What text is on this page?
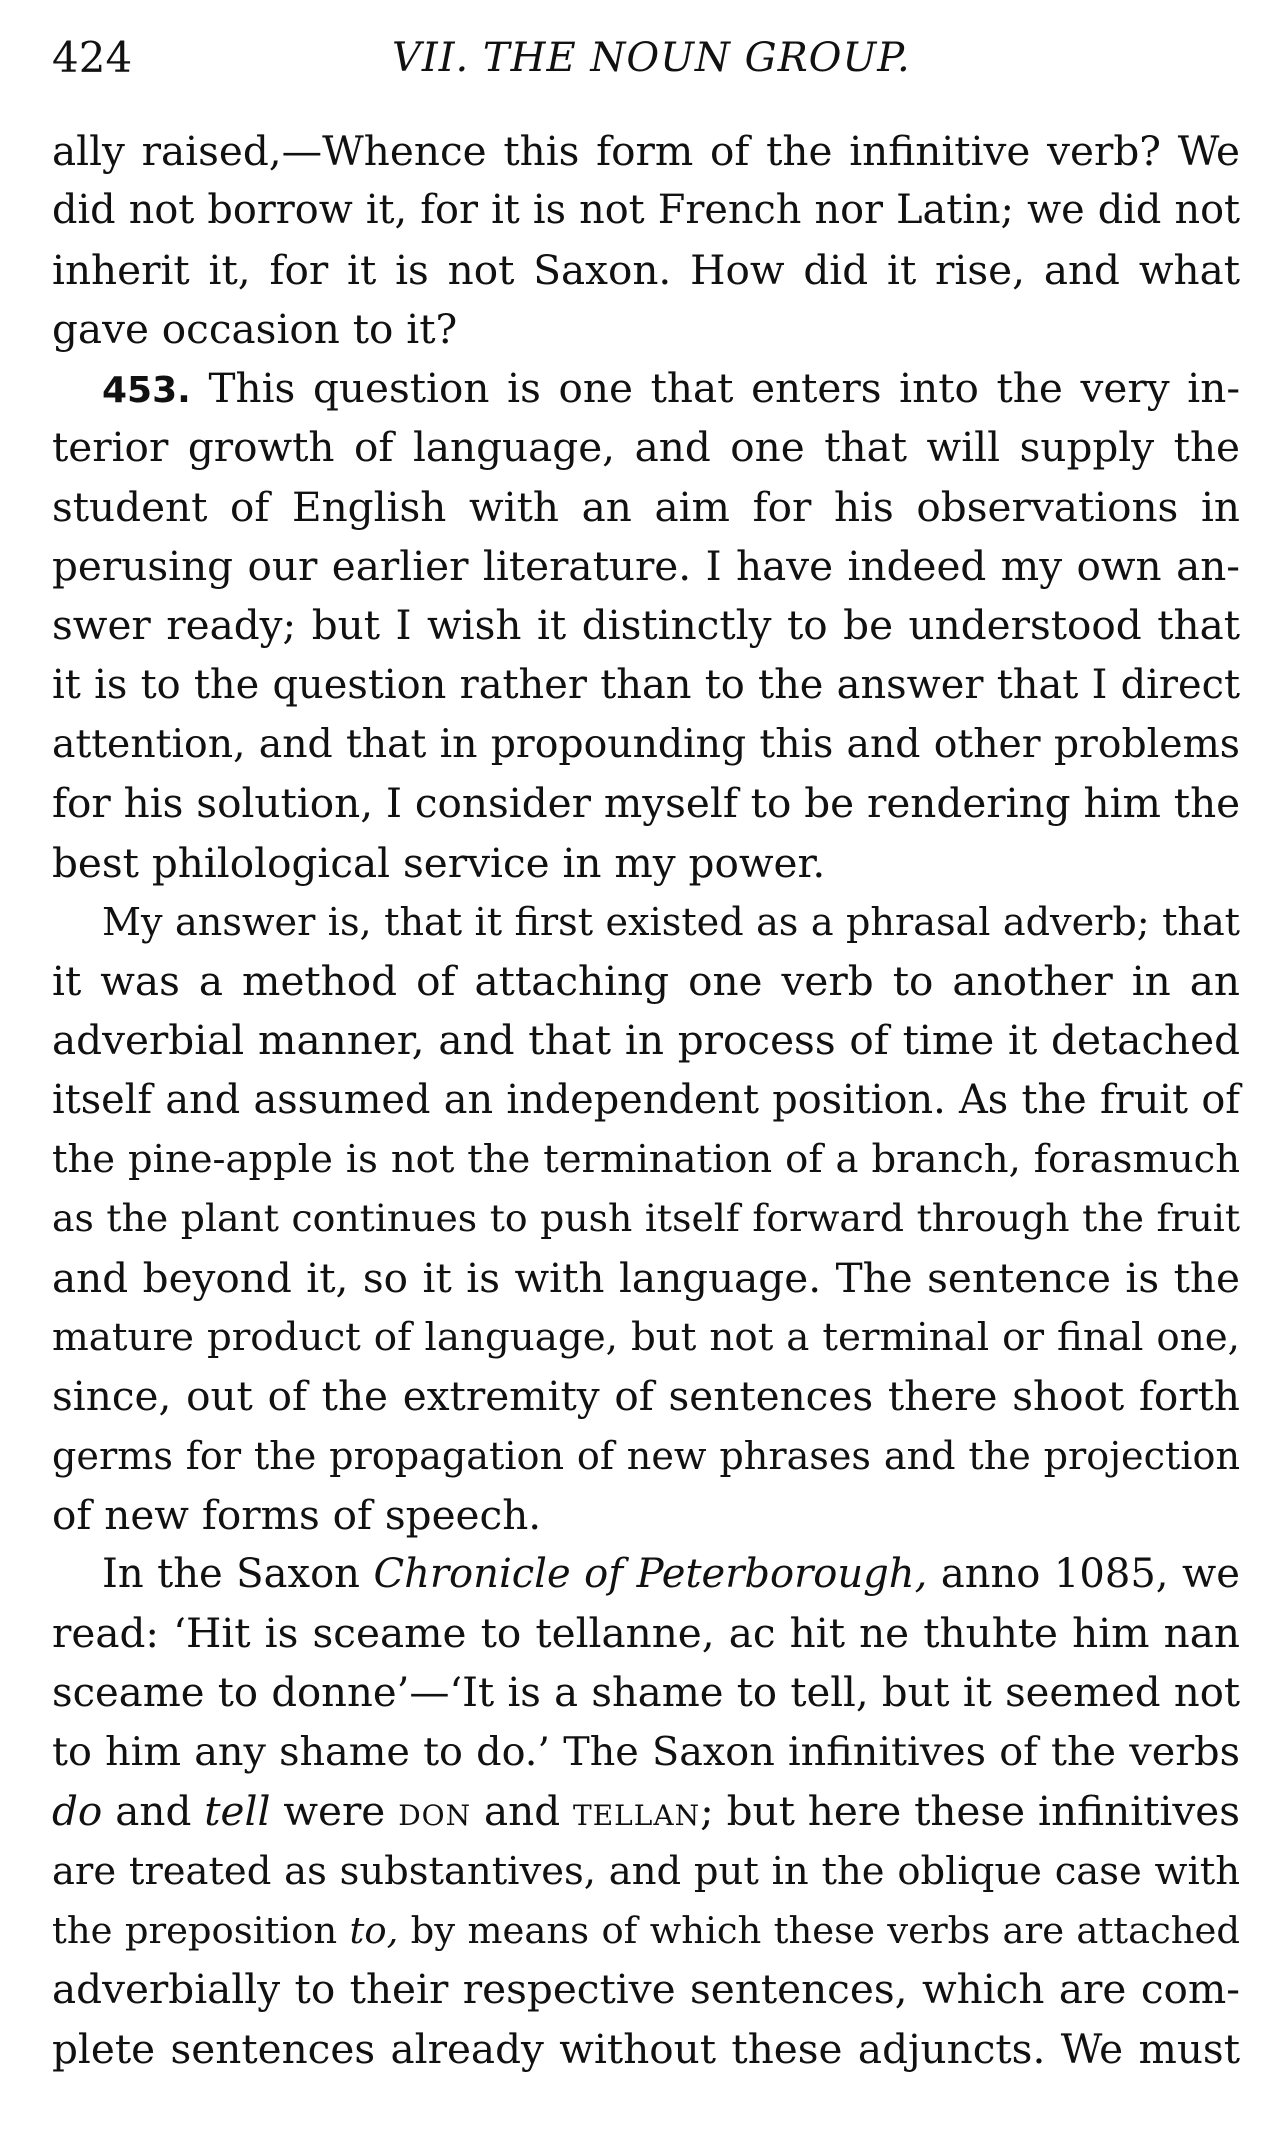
424	VII. THE NOUN GROUP.
ally raised,—Whence this form of the infinitive verb? We
did not borrow it, for it is not French nor Latin; we did not
inherit it, for it is not Saxon. How did it rise, and what
gave occasion to it?
453. This question is one that enters into the very in-
terior growth of language, and one that will supply the
student of English with an aim for his observations in
perusing our earlier literature. I have indeed my own an-
swer ready; but I wish it distinctly to be understood that
it is to the question rather than to the answer that I direct
attention, and that in propounding this and other problems
for his solution, I consider myself to be rendering him the
best philological service in my power.
My answer is, that it first existed as a phrasal adverb; that
it was a method of attaching one verb to another in an
adverbial manner, and that in process of time it detached
itself and assumed an independent position. As the fruit of
the pine-apple is not the termination of a branch, forasmuch
as the plant continues to push itself forward through the fruit
and beyond it, so it is with language. The sentence is the
mature product of language, but not a terminal or final one,
since, out of the extremity of sentences there shoot forth
germs for the propagation of new phrases and the projection
of new forms of speech.
In the Saxon Chronicle of Peterborough, anno 1085, we
read: ‘Hit is sceame to tellanne, ac hit ne thuhte him nan
sceame to donne’—‘It is a shame to tell, but it seemed not
to him any shame to do.’ The Saxon infinitives of the verbs
do and tell were don and tellan; but here these infinitives
are treated as substantives, and put in the oblique case with
the preposition to, by means of which these verbs are attached
adverbially to their respective sentences, which are com-
plete sentences already without these adjuncts. We must
